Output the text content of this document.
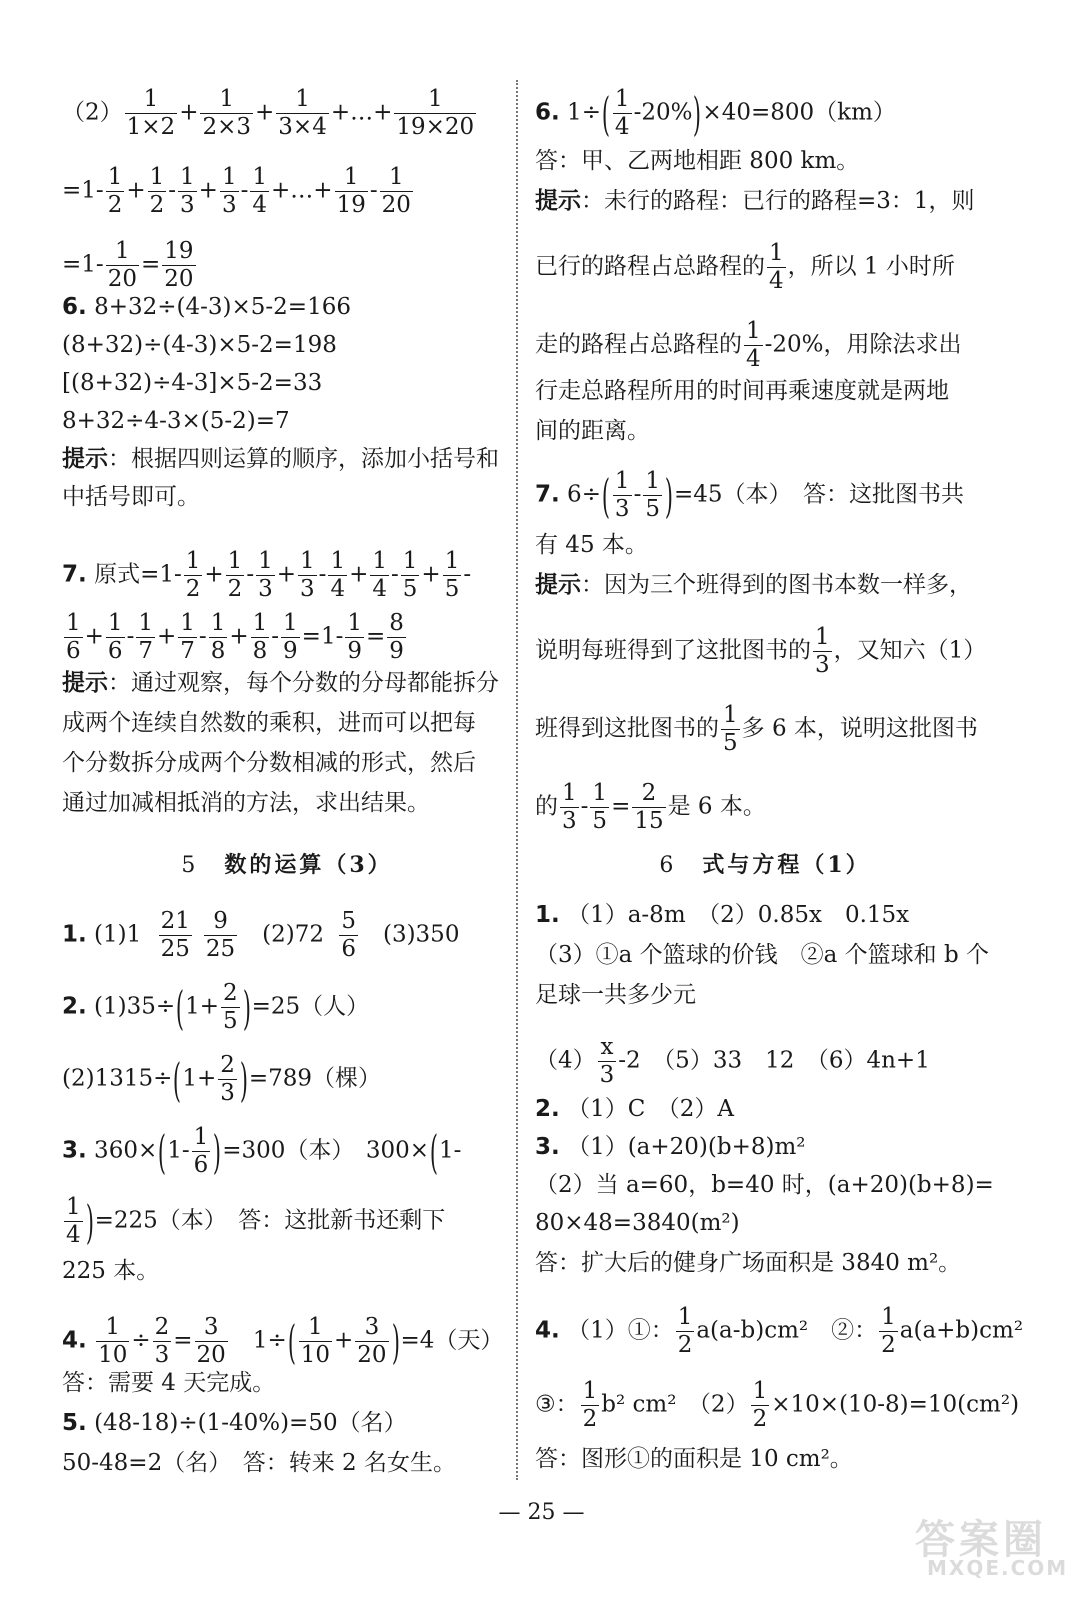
$(2) \frac{1}{1\times 2} + \frac{1}{2\times 3} + \frac{1}{3\times 4}$ +…+ $\frac{1}{19\times 20}$
$=1- \frac{1}{2} + \frac{1}{2} - \frac{1}{3} + \frac{1}{3} - \frac{1}{4}$ +…+ $\frac{1}{19} - \frac{1}{20}$
$=1- \frac{1}{20} = \frac{19}{20}$
6. 8+32÷(4-3)×5-2=166
(8+32)÷(4-3)×5-2=198
[(8+32)÷4-3]×5-2=33
8+32÷4-3×(5-2)=7
提示：根据四则运算的顺序，添加小括号和
中括号即可。
7. 原式$=1- \frac{1}{2} + \frac{1}{2} - \frac{1}{3} + \frac{1}{3} - \frac{1}{4} + \frac{1}{4} - \frac{1}{5} + \frac{1}{5}$ -
$\frac{1}{6} + \frac{1}{6} - \frac{1}{7} + \frac{1}{7} - \frac{1}{8} + \frac{1}{8} - \frac{1}{9} =1- \frac{1}{9} = \frac{8}{9}$
提示：通过观察，每个分数的分母都能拆分
成两个连续自然数的乘积，进而可以把每
个分数拆分成两个分数相减的形式，然后
通过加减相抵消的方法，求出结果。
5 数的运算（3）
1. $(1)1 \frac{21}{25} \frac{9}{25}$ 　$(2)72 \frac{5}{6}$ 　(3)350
2. $(1)35\div(1+ \frac{2}{5} )=25$（人）
$(2)1315\div(1+ \frac{2}{3} )=789$（棵）
3. $360\times(1- \frac{1}{6} )=300$（本）　300×(1-
$\frac{1}{4} )=225$（本）　答：这批新书还剩下
225 本。
4. $\frac{1}{10} \div \frac{2}{3} = \frac{3}{20}$ 　$1\div( \frac{1}{10} + \frac{3}{20} )=4$（天）
答：需要 4 天完成。
5. (48-18)÷(1-40%)=50（名）
50-48=2（名）　答：转来 2 名女生。
6. $1\div( \frac{1}{4} -20\%)\times 40=800(km)$
答：甲、乙两地相距 800 km。
提示：未行的路程：已行的路程=3：1，则
已行的路程占总路程的 $\frac{1}{4}$ ，所以 1 小时所
走的路程占总路程的 $\frac{1}{4} -20\%$，用除法求出
行走总路程所用的时间再乘速度就是两地
间的距离。
7. $6\div( \frac{1}{3} - \frac{1}{5} )=45$（本）　答：这批图书共
有 45 本。
提示：因为三个班得到的图书本数一样多，
说明每班得到了这批图书的 $\frac{1}{3}$ ，又知六（1）
班得到这批图书的 $\frac{1}{5}$ 多 6 本，说明这批图书
的 $\frac{1}{3} - \frac{1}{5} = \frac{2}{15}$ 是 6 本。
6 式与方程（1）
1. （1）a-8m　（2）0.85x　0.15x
（3）①a 个篮球的价钱　②a 个篮球和 b 个
足球一共多少元
$(4) \frac{x}{3} -2$　（5）33　12　（6）4n+1
2. （1）C　（2）A
3. （1）(a+20)(b+8)m²
（2）当 a=60，b=40 时，(a+20)(b+8)=
80×48=3840(m²)
答：扩大后的健身广场面积是 3840 m²。
4. （1）①： $\frac{1}{2} a(a-b)cm^2$　②： $\frac{1}{2} a(a+b)cm^2$
③： $\frac{1}{2} b^2$ cm²　$(2) \frac{1}{2} \times 10\times(10-8)=10(cm^2)$
答：图形①的面积是 10 cm²。
— 25 —
答案圈
MXQE.COM
